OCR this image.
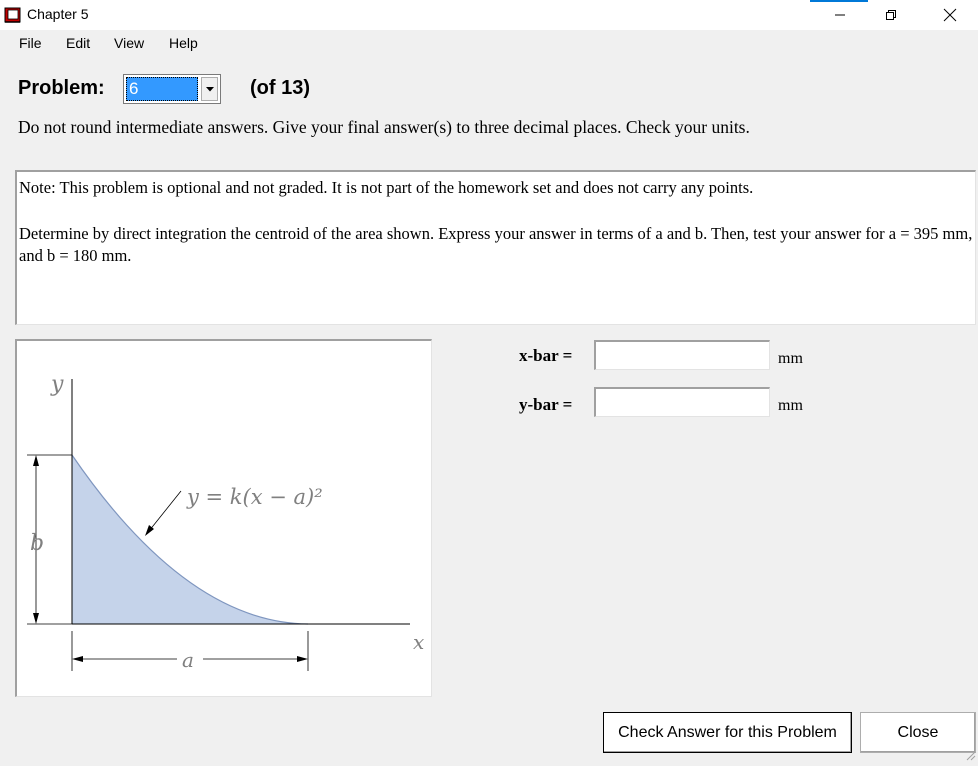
Chapter 5
File Edit View Help
Problem: 6	(of 13)
Do not round intermediate answers. Give your final answer(s) to three decimal places. Check your units.

Note: This problem is optional and not graded. It is not part of the homework set and does not carry any points.

Determine by direct integration the centroid of the area shown. Express your answer in terms of a and b. Then, test your answer for a = 395 mm, and b = 180 mm.

y
x
b
a
y = k(x − a)²
x-bar =	mm
y-bar =	mm
Check Answer for this Problem	Close
